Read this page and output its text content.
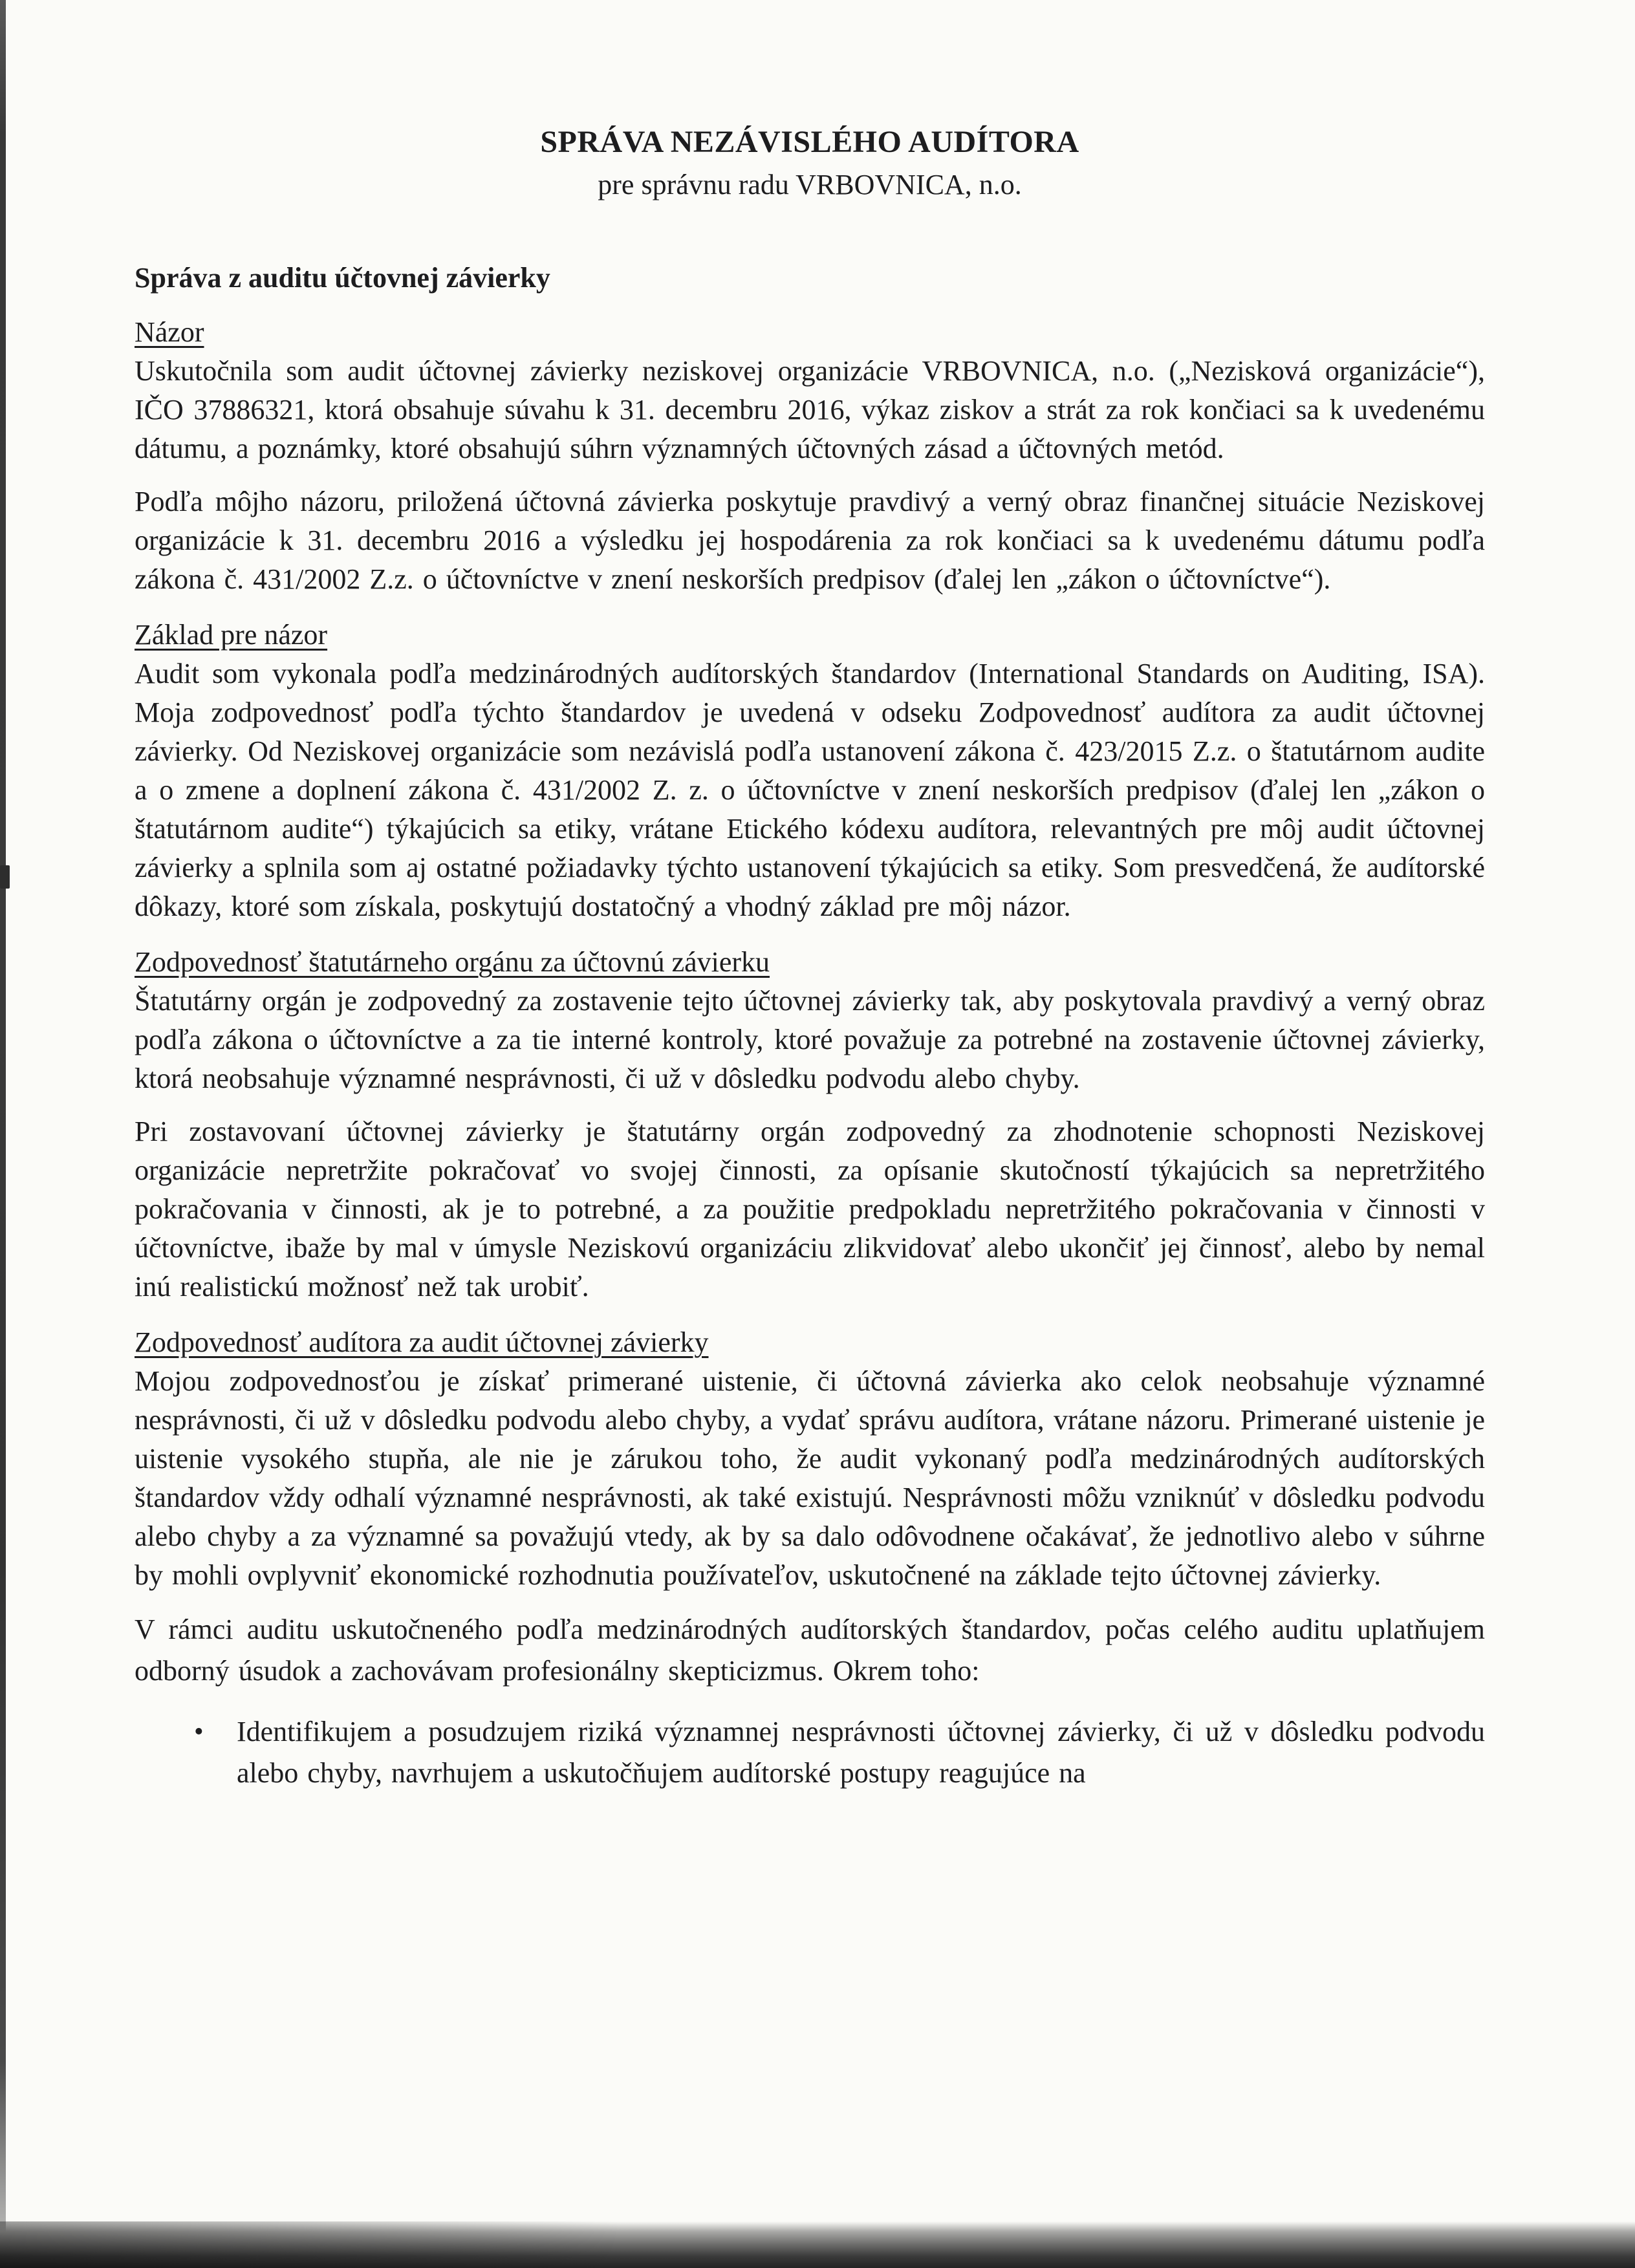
SPRÁVA NEZÁVISLÉHO AUDÍTORA
pre správnu radu VRBOVNICA, n.o.
Správa z auditu účtovnej závierky
Názor

Uskutočnila som audit účtovnej závierky neziskovej organizácie VRBOVNICA, n.o. („Nezisková organizácie“), IČO 37886321, ktorá obsahuje súvahu k 31. decembru 2016, výkaz ziskov a strát za rok končiaci sa k uvedenému dátumu, a poznámky, ktoré obsahujú súhrn významných účtovných zásad a účtovných metód.

Podľa môjho názoru, priložená účtovná závierka poskytuje pravdivý a verný obraz finančnej situácie Neziskovej organizácie k 31. decembru 2016 a výsledku jej hospodárenia za rok končiaci sa k uvedenému dátumu podľa zákona č. 431/2002 Z.z. o účtovníctve v znení neskorších predpisov (ďalej len „zákon o účtovníctve“).

Základ pre názor

Audit som vykonala podľa medzinárodných audítorských štandardov (International Standards on Auditing, ISA). Moja zodpovednosť podľa týchto štandardov je uvedená v odseku Zodpovednosť audítora za audit účtovnej závierky. Od Neziskovej organizácie som nezávislá podľa ustanovení zákona č. 423/2015 Z.z. o štatutárnom audite a o zmene a doplnení zákona č. 431/2002 Z. z. o účtovníctve v znení neskorších predpisov (ďalej len „zákon o štatutárnom audite“) týkajúcich sa etiky, vrátane Etického kódexu audítora, relevantných pre môj audit účtovnej závierky a splnila som aj ostatné požiadavky týchto ustanovení týkajúcich sa etiky. Som presvedčená, že audítorské dôkazy, ktoré som získala, poskytujú dostatočný a vhodný základ pre môj názor.

Zodpovednosť štatutárneho orgánu za účtovnú závierku

Štatutárny orgán je zodpovedný za zostavenie tejto účtovnej závierky tak, aby poskytovala pravdivý a verný obraz podľa zákona o účtovníctve a za tie interné kontroly, ktoré považuje za potrebné na zostavenie účtovnej závierky, ktorá neobsahuje významné nesprávnosti, či už v dôsledku podvodu alebo chyby.

Pri zostavovaní účtovnej závierky je štatutárny orgán zodpovedný za zhodnotenie schopnosti Neziskovej organizácie nepretržite pokračovať vo svojej činnosti, za opísanie skutočností týkajúcich sa nepretržitého pokračovania v činnosti, ak je to potrebné, a za použitie predpokladu nepretržitého pokračovania v činnosti v účtovníctve, ibaže by mal v úmysle Neziskovú organizáciu zlikvidovať alebo ukončiť jej činnosť, alebo by nemal inú realistickú možnosť než tak urobiť.

Zodpovednosť audítora za audit účtovnej závierky

Mojou zodpovednosťou je získať primerané uistenie, či účtovná závierka ako celok neobsahuje významné nesprávnosti, či už v dôsledku podvodu alebo chyby, a vydať správu audítora, vrátane názoru. Primerané uistenie je uistenie vysokého stupňa, ale nie je zárukou toho, že audit vykonaný podľa medzinárodných audítorských štandardov vždy odhalí významné nesprávnosti, ak také existujú. Nesprávnosti môžu vzniknúť v dôsledku podvodu alebo chyby a za významné sa považujú vtedy, ak by sa dalo odôvodnene očakávať, že jednotlivo alebo v súhrne by mohli ovplyvniť ekonomické rozhodnutia používateľov, uskutočnené na základe tejto účtovnej závierky.

V rámci auditu uskutočneného podľa medzinárodných audítorských štandardov, počas celého auditu uplatňujem odborný úsudok a zachovávam profesionálny skepticizmus. Okrem toho:

•	Identifikujem a posudzujem riziká významnej nesprávnosti účtovnej závierky, či už v dôsledku podvodu alebo chyby, navrhujem a uskutočňujem audítorské postupy reagujúce na
